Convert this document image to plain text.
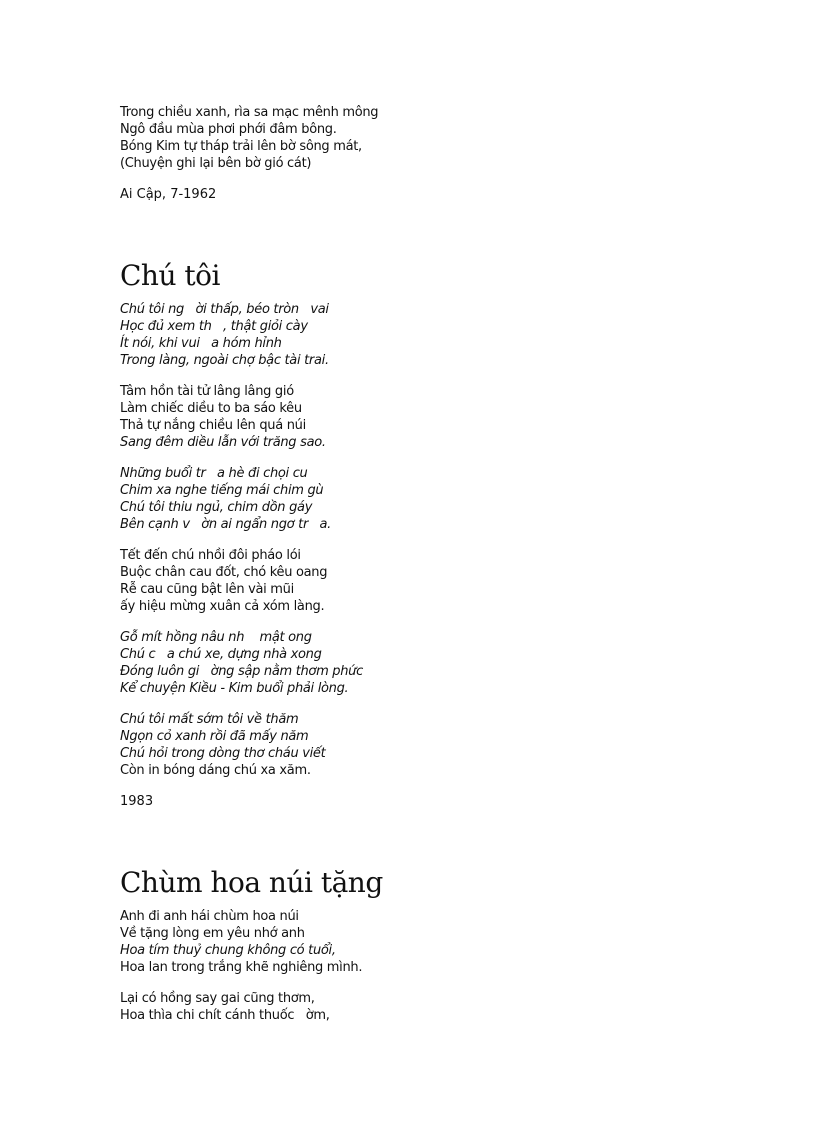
Trong chiều xanh, rìa sa mạc mênh mông
Ngô đầu mùa phơi phới đâm bông.
Bóng Kim tự tháp trải lên bờ sông mát,
(Chuyện ghi lại bên bờ gió cát)
Ai Cập, 7-1962
Chú tôi
Chú tôi ng   ời thấp, béo tròn   vai
Học đủ xem th   , thật giỏi cày
Ít nói, khi vui   a hóm hỉnh
Trong làng, ngoài chợ bậc tài trai.
Tâm hồn tài tử lâng lâng gió
Làm chiếc diều to ba sáo kêu
Thả tự nắng chiều lên quá núi
Sang đêm diều lẫn với trăng sao.
Những buổi tr   a hè đi chọi cu
Chim xa nghe tiếng mái chim gù
Chú tôi thiu ngủ, chim dồn gáy
Bên cạnh v   ờn ai ngẩn ngơ tr   a.
Tết đến chú nhồi đôi pháo lói
Buộc chân cau đốt, chó kêu oang
Rễ cau cũng bật lên vài mũi
ấy hiệu mừng xuân cả xóm làng.
Gỗ mít hồng nâu nh    mật ong
Chú c   a chú xe, dựng nhà xong
Đóng luôn gi   ờng sập nằm thơm phức
Kể chuyện Kiều - Kim buổi phải lòng.
Chú tôi mất sớm tôi về thăm
Ngọn cỏ xanh rồi đã mấy năm
Chú hỏi trong dòng thơ cháu viết
Còn in bóng dáng chú xa xăm.
1983
Chùm hoa núi tặng
Anh đi anh hái chùm hoa núi
Về tặng lòng em yêu nhớ anh
Hoa tím thuỷ chung không có tuổi,
Hoa lan trong trắng khẽ nghiêng mình.
Lại có hồng say gai cũng thơm,
Hoa thìa chi chít cánh thuốc   ờm,
